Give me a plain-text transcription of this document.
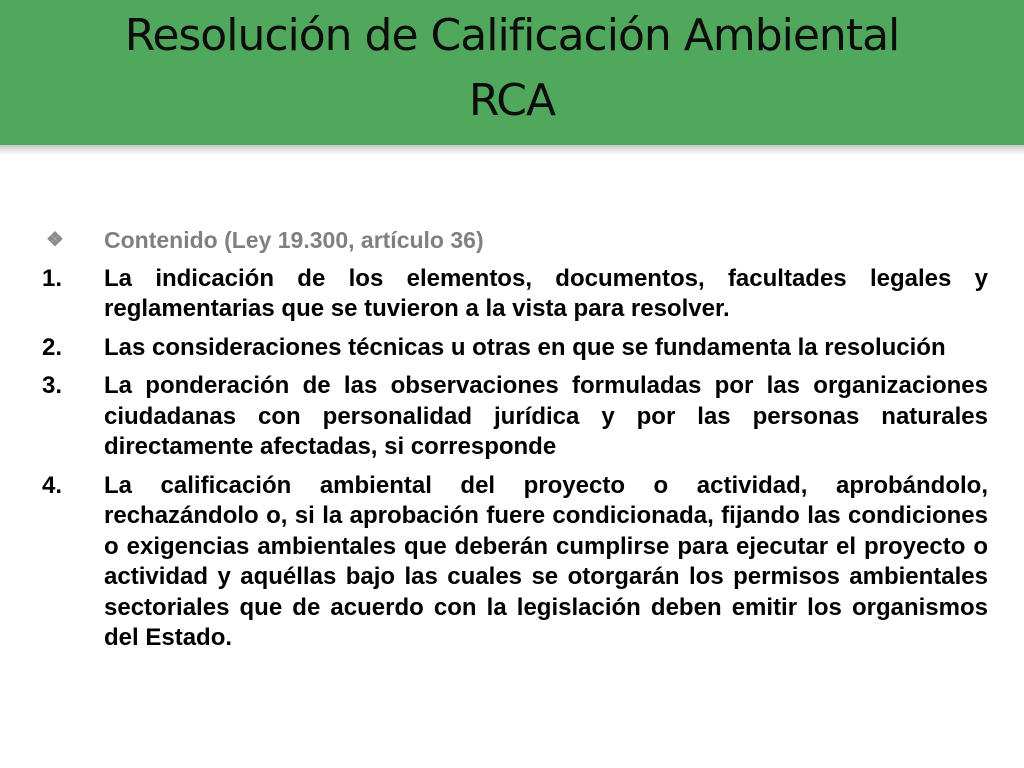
Resolución de Calificación Ambiental
RCA
❖	Contenido (Ley 19.300, artículo 36)
1.	La indicación de los elementos, documentos, facultades legales y reglamentarias que se tuvieron a la vista para resolver.
2.	Las consideraciones técnicas u otras en que se fundamenta la resolución
3.	La ponderación de las observaciones formuladas por las organizaciones ciudadanas con personalidad jurídica y por las personas naturales directamente afectadas, si corresponde
4.	La calificación ambiental del proyecto o actividad, aprobándolo, rechazándolo o, si la aprobación fuere condicionada, fijando las condiciones o exigencias ambientales que deberán cumplirse para ejecutar el proyecto o actividad y aquéllas bajo las cuales se otorgarán los permisos ambientales sectoriales que de acuerdo con la legislación deben emitir los organismos del Estado.
